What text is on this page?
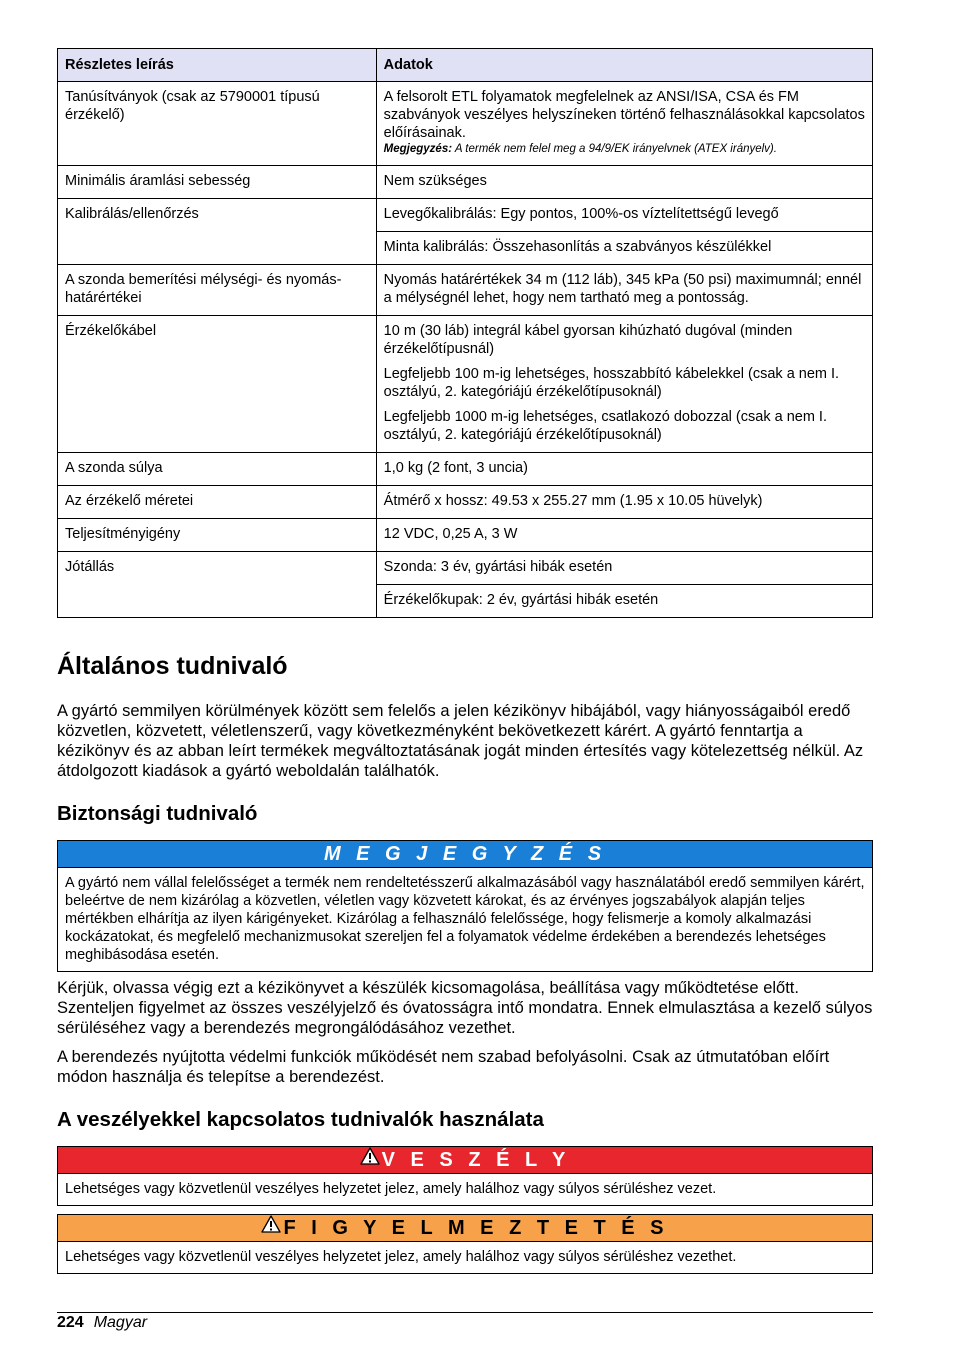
Részletes leírás	Adatok
Tanúsítványok (csak az 5790001 típusú érzékelő)	A felsorolt ETL folyamatok megfelelnek az ANSI/ISA, CSA és FM szabványok veszélyes helyszíneken történő felhasználásokkal kapcsolatos előírásainak.
Megjegyzés: A termék nem felel meg a 94/9/EK irányelvnek (ATEX irányelv).

Minimális áramlási sebesség	Nem szükséges
Kalibrálás/ellenőrzés	Levegőkalibrálás: Egy pontos, 100%-os víztelítettségű levegő
	Minta kalibrálás: Összehasonlítás a szabványos készülékkel
A szonda bemerítési mélységi- és nyomás-határértékei	Nyomás határértékek 34 m (112 láb), 345 kPa (50 psi) maximumnál; ennél a mélységnél lehet, hogy nem tartható meg a pontosság.
Érzékelőkábel	10 m (30 láb) integrál kábel gyorsan kihúzható dugóval (minden érzékelőtípusnál)
Legfeljebb 100 m-ig lehetséges, hosszabbító kábelekkel (csak a nem I. osztályú, 2. kategóriájú érzékelőtípusoknál)
Legfeljebb 1000 m-ig lehetséges, csatlakozó dobozzal (csak a nem I. osztályú, 2. kategóriájú érzékelőtípusoknál)

A szonda súlya	1,0 kg (2 font, 3 uncia)
Az érzékelő méretei	Átmérő x hossz: 49.53 x 255.27 mm (1.95 x 10.05 hüvelyk)
Teljesítményigény	12 VDC, 0,25 A, 3 W
Jótállás	Szonda: 3 év, gyártási hibák esetén
	Érzékelőkupak: 2 év, gyártási hibák esetén
Általános tudnivaló

A gyártó semmilyen körülmények között sem felelős a jelen kézikönyv hibájából, vagy hiányosságaiból eredő közvetlen, közvetett, véletlenszerű, vagy következményként bekövetkezett kárért. A gyártó fenntartja a kézikönyv és az abban leírt termékek megváltoztatásának jogát minden értesítés vagy kötelezettség nélkül. Az átdolgozott kiadások a gyártó weboldalán találhatók.

Biztonsági tudnivaló
M E G J E G Y Z É S
A gyártó nem vállal felelősséget a termék nem rendeltetésszerű alkalmazásából vagy használatából eredő semmilyen kárért, beleértve de nem kizárólag a közvetlen, véletlen vagy közvetett károkat, és az érvényes jogszabályok alapján teljes mértékben elhárítja az ilyen kárigényeket. Kizárólag a felhasználó felelőssége, hogy felismerje a komoly alkalmazási kockázatokat, és megfelelő mechanizmusokat szereljen fel a folyamatok védelme érdekében a berendezés lehetséges meghibásodása esetén.

Kérjük, olvassa végig ezt a kézikönyvet a készülék kicsomagolása, beállítása vagy működtetése előtt. Szenteljen figyelmet az összes veszélyjelző és óvatosságra intő mondatra. Ennek elmulasztása a kezelő súlyos sérüléséhez vagy a berendezés megrongálódásához vezethet.

A berendezés nyújtotta védelmi funkciók működését nem szabad befolyásolni. Csak az útmutatóban előírt módon használja és telepítse a berendezést.

A veszélyekkel kapcsolatos tudnivalók használata
V E S Z É L Y
Lehetséges vagy közvetlenül veszélyes helyzetet jelez, amely halálhoz vagy súlyos sérüléshez vezet.
F I G Y E L M E Z T E T É S
Lehetséges vagy közvetlenül veszélyes helyzetet jelez, amely halálhoz vagy súlyos sérüléshez vezethet.
224 Magyar
